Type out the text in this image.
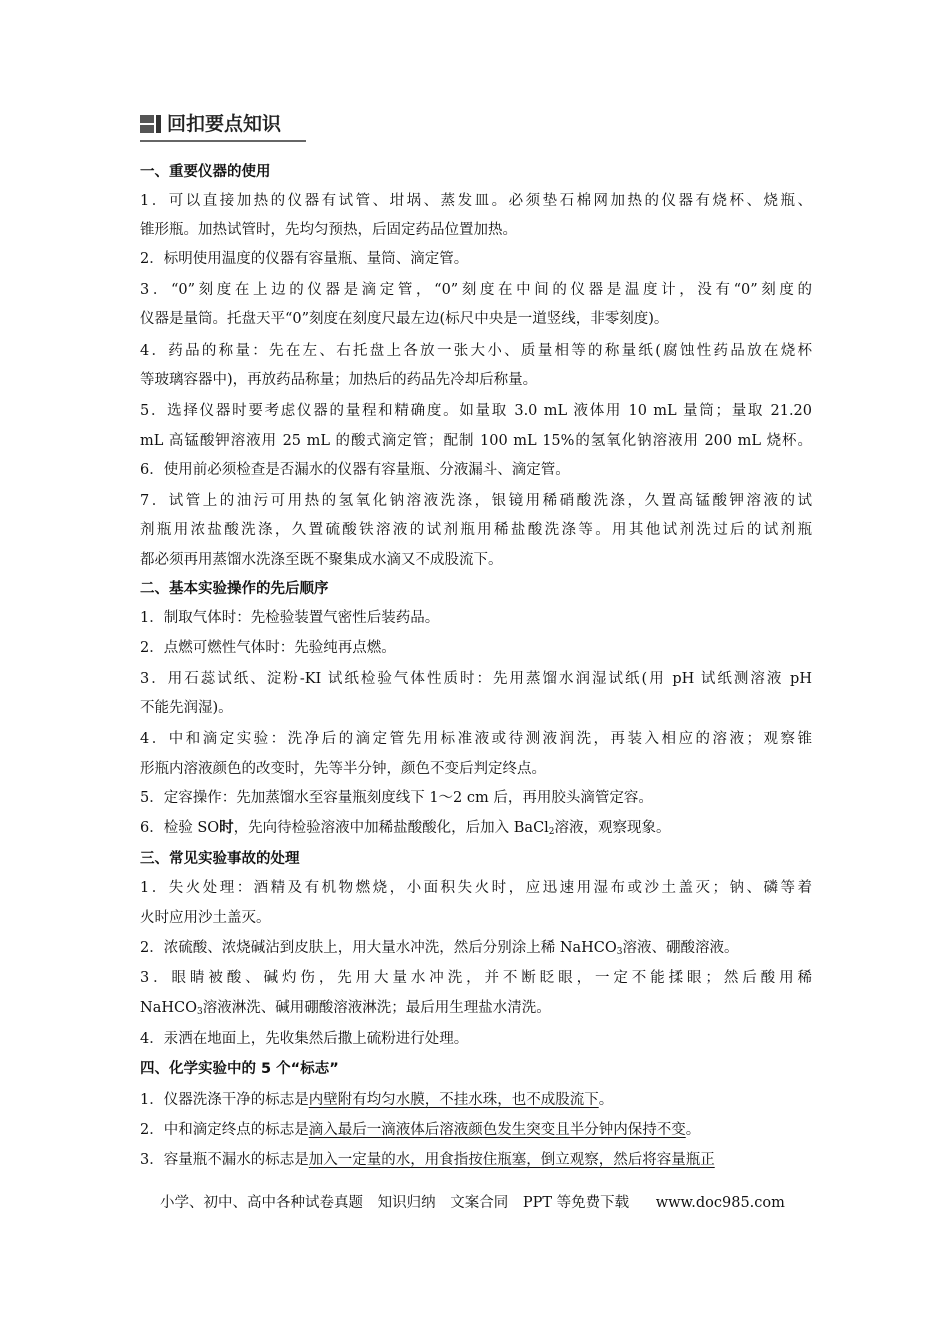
回扣要点知识
一、重要仪器的使用
1．可以直接加热的仪器有试管、坩埚、蒸发皿。必须垫石棉网加热的仪器有烧杯、烧瓶、
锥形瓶。加热试管时，先均匀预热，后固定药品位置加热。
2．标明使用温度的仪器有容量瓶、量筒、滴定管。
3．“0”刻度在上边的仪器是滴定管，“0”刻度在中间的仪器是温度计，没有“0”刻度的
仪器是量筒。托盘天平“0”刻度在刻度尺最左边(标尺中央是一道竖线，非零刻度)。
4．药品的称量：先在左、右托盘上各放一张大小、质量相等的称量纸(腐蚀性药品放在烧杯
等玻璃容器中)，再放药品称量；加热后的药品先冷却后称量。
5．选择仪器时要考虑仪器的量程和精确度。如量取 3.0 mL 液体用 10 mL 量筒；量取 21.20
mL 高锰酸钾溶液用 25 mL 的酸式滴定管；配制 100 mL 15%的氢氧化钠溶液用 200 mL 烧杯。
6．使用前必须检查是否漏水的仪器有容量瓶、分液漏斗、滴定管。
7．试管上的油污可用热的氢氧化钠溶液洗涤，银镜用稀硝酸洗涤，久置高锰酸钾溶液的试
剂瓶用浓盐酸洗涤，久置硫酸铁溶液的试剂瓶用稀盐酸洗涤等。用其他试剂洗过后的试剂瓶
都必须再用蒸馏水洗涤至既不聚集成水滴又不成股流下。
二、基本实验操作的先后顺序
1．制取气体时：先检验装置气密性后装药品。
2．点燃可燃性气体时：先验纯再点燃。
3．用石蕊试纸、淀粉-KI 试纸检验气体性质时：先用蒸馏水润湿试纸(用 pH 试纸测溶液 pH
不能先润湿)。
4．中和滴定实验：洗净后的滴定管先用标准液或待测液润洗，再装入相应的溶液；观察锥
形瓶内溶液颜色的改变时，先等半分钟，颜色不变后判定终点。
5．定容操作：先加蒸馏水至容量瓶刻度线下 1～2 cm 后，再用胶头滴管定容。
6．检验 SO时，先向待检验溶液中加稀盐酸酸化，后加入 BaCl$_2$溶液，观察现象。
三、常见实验事故的处理
1．失火处理：酒精及有机物燃烧，小面积失火时，应迅速用湿布或沙土盖灭；钠、磷等着
火时应用沙土盖灭。
2．浓硫酸、浓烧碱沾到皮肤上，用大量水冲洗，然后分别涂上稀 NaHCO$_3$溶液、硼酸溶液。
3．眼睛被酸、碱灼伤，先用大量水冲洗，并不断眨眼，一定不能揉眼；然后酸用稀
NaHCO$_3$溶液淋洗、碱用硼酸溶液淋洗；最后用生理盐水清洗。
4．汞洒在地面上，先收集然后撒上硫粉进行处理。
四、化学实验中的 5 个“标志”
1．仪器洗涤干净的标志是内壁附有均匀水膜，不挂水珠，也不成股流下。
2．中和滴定终点的标志是滴入最后一滴液体后溶液颜色发生突变且半分钟内保持不变。
3．容量瓶不漏水的标志是加入一定量的水，用食指按住瓶塞，倒立观察，然后将容量瓶正
小学、初中、高中各种试卷真题 知识归纳 文案合同 PPT 等免费下载 www.doc985.com
